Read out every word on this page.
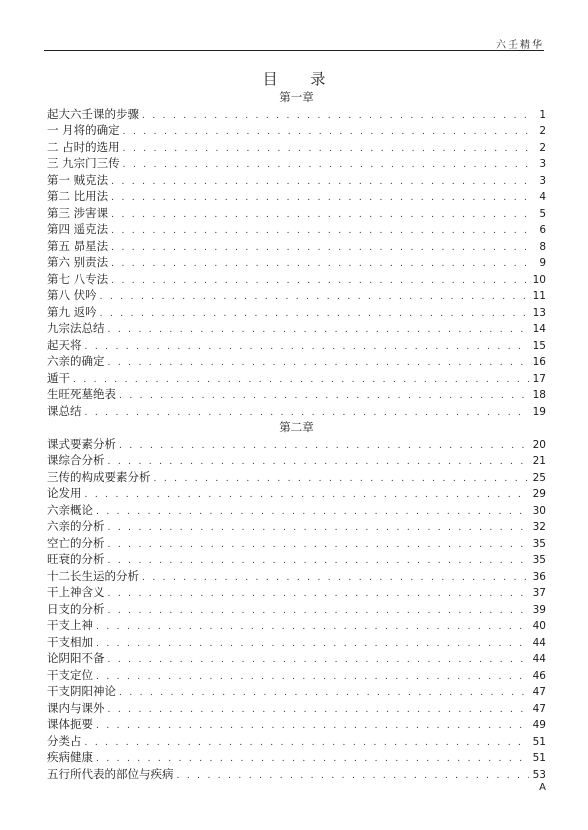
六壬精华
目 录
第一章
起大六壬课的步骤 . . .	1
一 月将的确定 . . .	2
二 占时的选用 . . .	2
三 九宗门三传 . . .	3
第一 贼克法 . . .	3
第二 比用法 . . .	4
第三 涉害课 . . .	5
第四 遥克法 . . .	6
第五 昴星法 . . .	8
第六 别责法 . . .	9
第七 八专法 . . .	10
第八 伏吟 . . .	11
第九 返吟 . . .	13
九宗法总结 . . .	14
起天将 . . .	15
六亲的确定 . . .	16
遁干 . . .	17
生旺死墓绝表 . . .	18
课总结 . . .	19
第二章
课式要素分析 . . .	20
课综合分析 . . .	21
三传的构成要素分析 . . .	25
论发用 . . .	29
六亲概论 . . .	30
六亲的分析 . . .	32
空亡的分析 . . .	35
旺衰的分析 . . .	35
十二长生运的分析 . . .	36
干上神含义 . . .	37
日支的分析 . . .	39
干支上神 . . .	40
干支相加 . . .	44
论阴阳不备 . . .	44
干支定位 . . .	46
干支阴阳神论 . . .	47
课内与课外 . . .	47
课体扼要 . . .	49
分类占 . . .	51
疾病健康 . . .	51
五行所代表的部位与疾病 . . .	53
A
